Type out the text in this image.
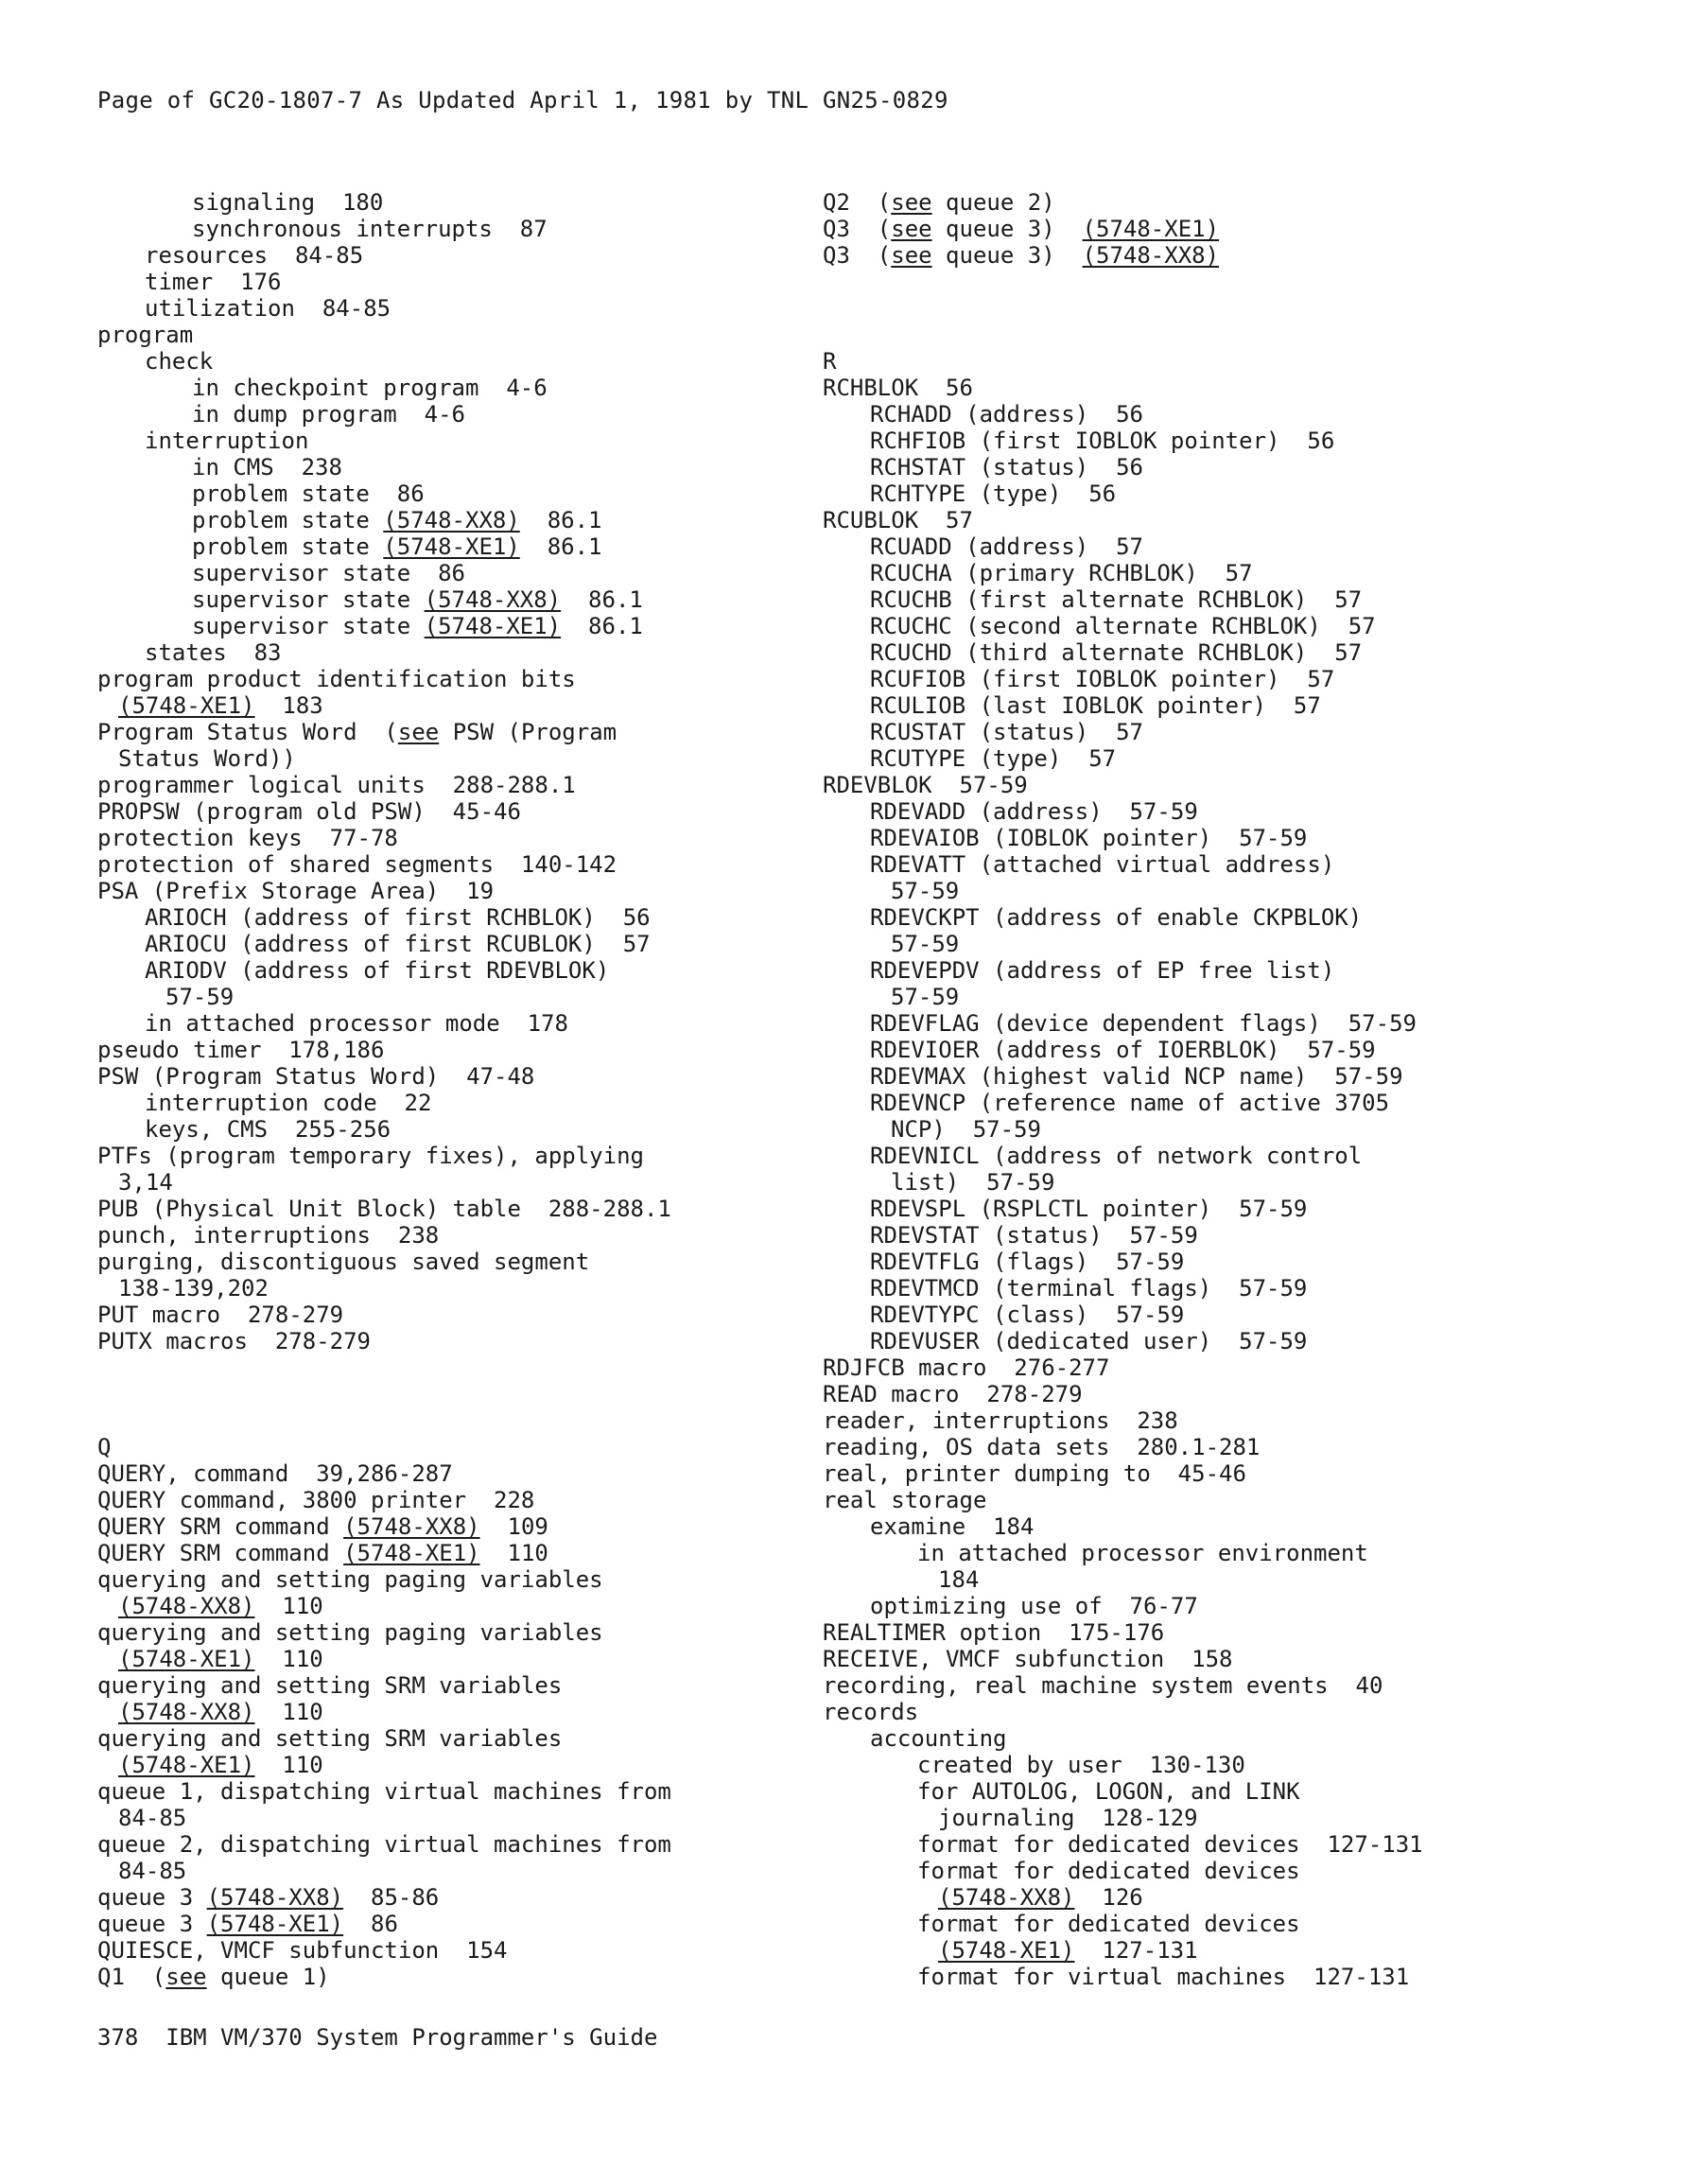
Page of GC20-1807-7 As Updated April 1, 1981 by TNL GN25-0829
signaling  180
synchronous interrupts  87
resources  84-85
timer  176
utilization  84-85
program
check
in checkpoint program  4-6
in dump program  4-6
interruption
in CMS  238
problem state  86
problem state (5748-XX8)  86.1
problem state (5748-XE1)  86.1
supervisor state  86
supervisor state (5748-XX8)  86.1
supervisor state (5748-XE1)  86.1
states  83
program product identification bits
(5748-XE1)  183
Program Status Word  (see PSW (Program
Status Word))
programmer logical units  288-288.1
PROPSW (program old PSW)  45-46
protection keys  77-78
protection of shared segments  140-142
PSA (Prefix Storage Area)  19
ARIOCH (address of first RCHBLOK)  56
ARIOCU (address of first RCUBLOK)  57
ARIODV (address of first RDEVBLOK)
57-59
in attached processor mode  178
pseudo timer  178,186
PSW (Program Status Word)  47-48
interruption code  22
keys, CMS  255-256
PTFs (program temporary fixes), applying
3,14
PUB (Physical Unit Block) table  288-288.1
punch, interruptions  238
purging, discontiguous saved segment
138-139,202
PUT macro  278-279
PUTX macros  278-279
Q
QUERY, command  39,286-287
QUERY command, 3800 printer  228
QUERY SRM command (5748-XX8)  109
QUERY SRM command (5748-XE1)  110
querying and setting paging variables
(5748-XX8)  110
querying and setting paging variables
(5748-XE1)  110
querying and setting SRM variables
(5748-XX8)  110
querying and setting SRM variables
(5748-XE1)  110
queue 1, dispatching virtual machines from
84-85
queue 2, dispatching virtual machines from
84-85
queue 3 (5748-XX8)  85-86
queue 3 (5748-XE1)  86
QUIESCE, VMCF subfunction  154
Q1  (see queue 1)
Q2  (see queue 2)
Q3  (see queue 3)  (5748-XE1)
Q3  (see queue 3)  (5748-XX8)
R
RCHBLOK  56
RCHADD (address)  56
RCHFIOB (first IOBLOK pointer)  56
RCHSTAT (status)  56
RCHTYPE (type)  56
RCUBLOK  57
RCUADD (address)  57
RCUCHA (primary RCHBLOK)  57
RCUCHB (first alternate RCHBLOK)  57
RCUCHC (second alternate RCHBLOK)  57
RCUCHD (third alternate RCHBLOK)  57
RCUFIOB (first IOBLOK pointer)  57
RCULIOB (last IOBLOK pointer)  57
RCUSTAT (status)  57
RCUTYPE (type)  57
RDEVBLOK  57-59
RDEVADD (address)  57-59
RDEVAIOB (IOBLOK pointer)  57-59
RDEVATT (attached virtual address)
57-59
RDEVCKPT (address of enable CKPBLOK)
57-59
RDEVEPDV (address of EP free list)
57-59
RDEVFLAG (device dependent flags)  57-59
RDEVIOER (address of IOERBLOK)  57-59
RDEVMAX (highest valid NCP name)  57-59
RDEVNCP (reference name of active 3705
NCP)  57-59
RDEVNICL (address of network control
list)  57-59
RDEVSPL (RSPLCTL pointer)  57-59
RDEVSTAT (status)  57-59
RDEVTFLG (flags)  57-59
RDEVTMCD (terminal flags)  57-59
RDEVTYPC (class)  57-59
RDEVUSER (dedicated user)  57-59
RDJFCB macro  276-277
READ macro  278-279
reader, interruptions  238
reading, OS data sets  280.1-281
real, printer dumping to  45-46
real storage
examine  184
in attached processor environment
184
optimizing use of  76-77
REALTIMER option  175-176
RECEIVE, VMCF subfunction  158
recording, real machine system events  40
records
accounting
created by user  130-130
for AUTOLOG, LOGON, and LINK
journaling  128-129
format for dedicated devices  127-131
format for dedicated devices
(5748-XX8)  126
format for dedicated devices
(5748-XE1)  127-131
format for virtual machines  127-131
378  IBM VM/370 System Programmer's Guide
